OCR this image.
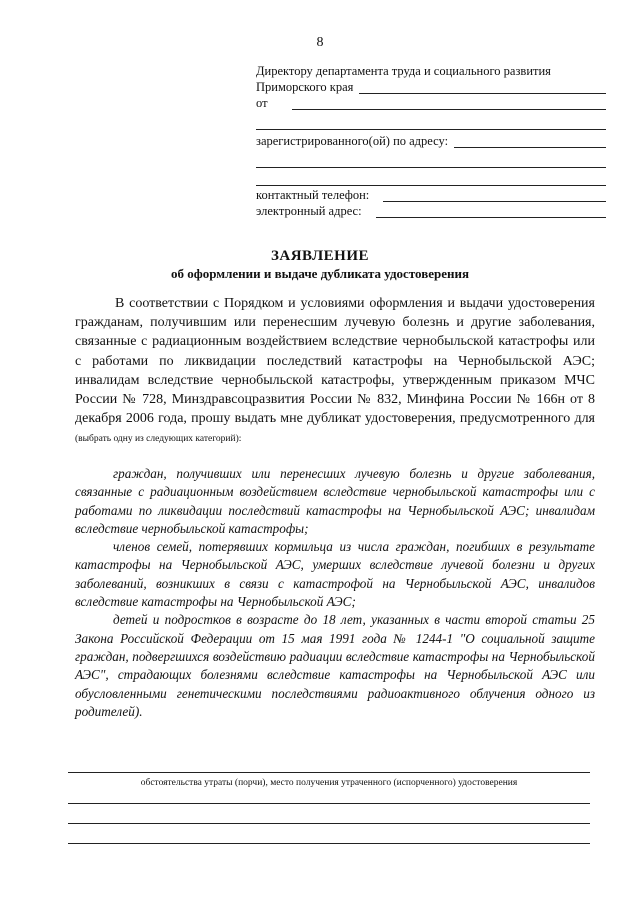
8
Директору департамента труда и социального развития
Приморского края
от
зарегистрированного(ой) по адресу:
контактный телефон:
электронный адрес:
ЗАЯВЛЕНИЕ
об оформлении и выдаче дубликата удостоверения
В соответствии с Порядком и условиями оформления и выдачи удостоверения гражданам, получившим или перенесшим лучевую болезнь и другие заболевания, связанные с радиационным воздействием вследствие чернобыльской катастрофы или с работами по ликвидации последствий катастрофы на Чернобыльской АЭС; инвалидам вследствие чернобыльской катастрофы, утвержденным приказом МЧС России № 728, Минздравсоцразвития России № 832, Минфина России № 166н от 8 декабря 2006 года, прошу выдать мне дубликат удостоверения, предусмотренного для (выбрать одну из следующих категорий):
граждан, получивших или перенесших лучевую болезнь и другие заболевания, связанные с радиационным воздействием вследствие чернобыльской катастрофы или с работами по ликвидации последствий катастрофы на Чернобыльской АЭС; инвалидам вследствие чернобыльской катастрофы;
членов семей, потерявших кормильца из числа граждан, погибших в результате катастрофы на Чернобыльской АЭС, умерших вследствие лучевой болезни и других заболеваний, возникших в связи с катастрофой на Чернобыльской АЭС, инвалидов вследствие катастрофы на Чернобыльской АЭС;
детей и подростков в возрасте до 18 лет, указанных в части второй статьи 25 Закона Российской Федерации от 15 мая 1991 года № 1244-1 "О социальной защите граждан, подвергшихся воздействию радиации вследствие катастрофы на Чернобыльской АЭС", страдающих болезнями вследствие катастрофы на Чернобыльской АЭС или обусловленными генетическими последствиями радиоактивного облучения одного из родителей).
обстоятельства утраты (порчи), место получения утраченного (испорченного) удостоверения
